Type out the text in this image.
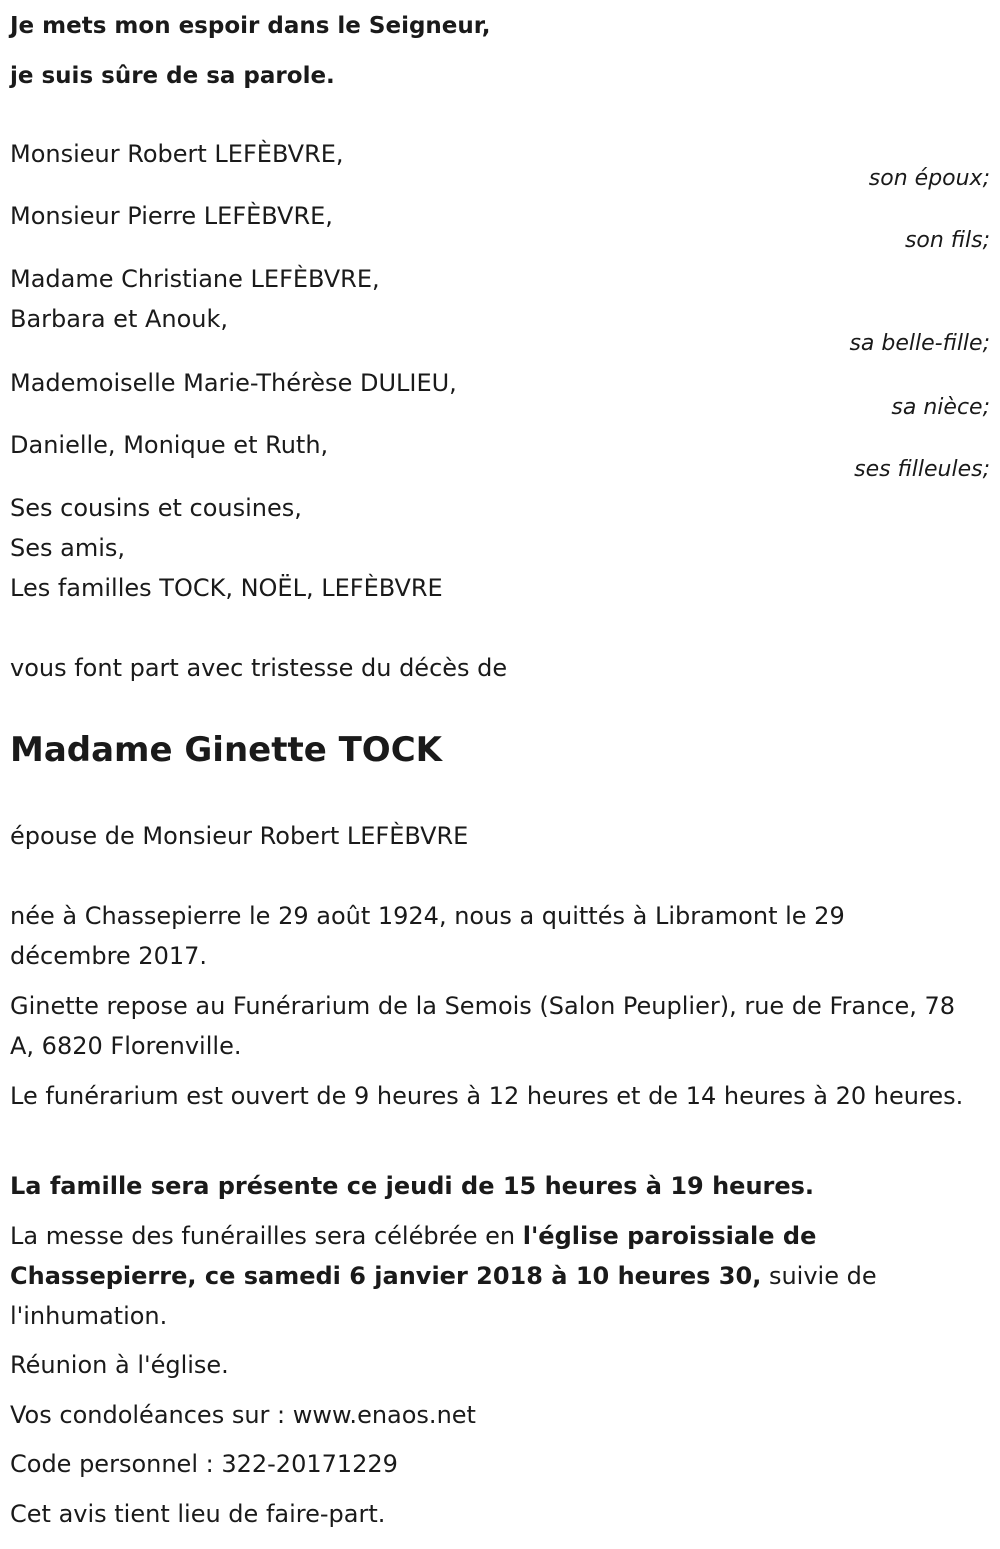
Je mets mon espoir dans le Seigneur,
je suis sûre de sa parole.
Monsieur Robert LEFÈBVRE,
son époux;
Monsieur Pierre LEFÈBVRE,
son fils;
Madame Christiane LEFÈBVRE,
Barbara et Anouk,
sa belle-fille;
Mademoiselle Marie-Thérèse DULIEU,
sa nièce;
Danielle, Monique et Ruth,
ses filleules;
Ses cousins et cousines,
Ses amis,
Les familles TOCK, NOËL, LEFÈBVRE
vous font part avec tristesse du décès de
Madame Ginette TOCK
épouse de Monsieur Robert LEFÈBVRE
née à Chassepierre le 29 août 1924, nous a quittés à Libramont le 29 décembre 2017.
Ginette repose au Funérarium de la Semois (Salon Peuplier), rue de France, 78 A, 6820 Florenville.
Le funérarium est ouvert de 9 heures à 12 heures et de 14 heures à 20 heures.
La famille sera présente ce jeudi de 15 heures à 19 heures.
La messe des funérailles sera célébrée en l'église paroissiale de Chassepierre, ce samedi 6 janvier 2018 à 10 heures 30, suivie de l'inhumation.
Réunion à l'église.
Vos condoléances sur : www.enaos.net
Code personnel : 322-20171229
Cet avis tient lieu de faire-part.
